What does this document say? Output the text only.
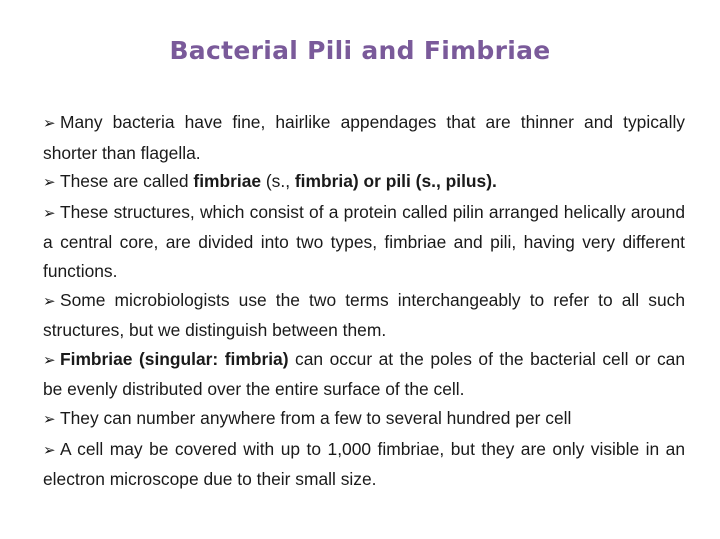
Bacterial Pili and Fimbriae

➢ Many bacteria have fine, hairlike appendages that are thinner and typically shorter than flagella.

➢ These are called fimbriae (s., fimbria) or pili (s., pilus).

➢ These structures, which consist of a protein called pilin arranged helically around a central core, are divided into two types, fimbriae and pili, having very different functions.

➢ Some microbiologists use the two terms interchangeably to refer to all such structures, but we distinguish between them.

➢ Fimbriae (singular: fimbria) can occur at the poles of the bacterial cell or can be evenly distributed over the entire surface of the cell.

➢ They can number anywhere from a few to several hundred per cell

➢ A cell may be covered with up to 1,000 fimbriae, but they are only visible in an electron microscope due to their small size.
